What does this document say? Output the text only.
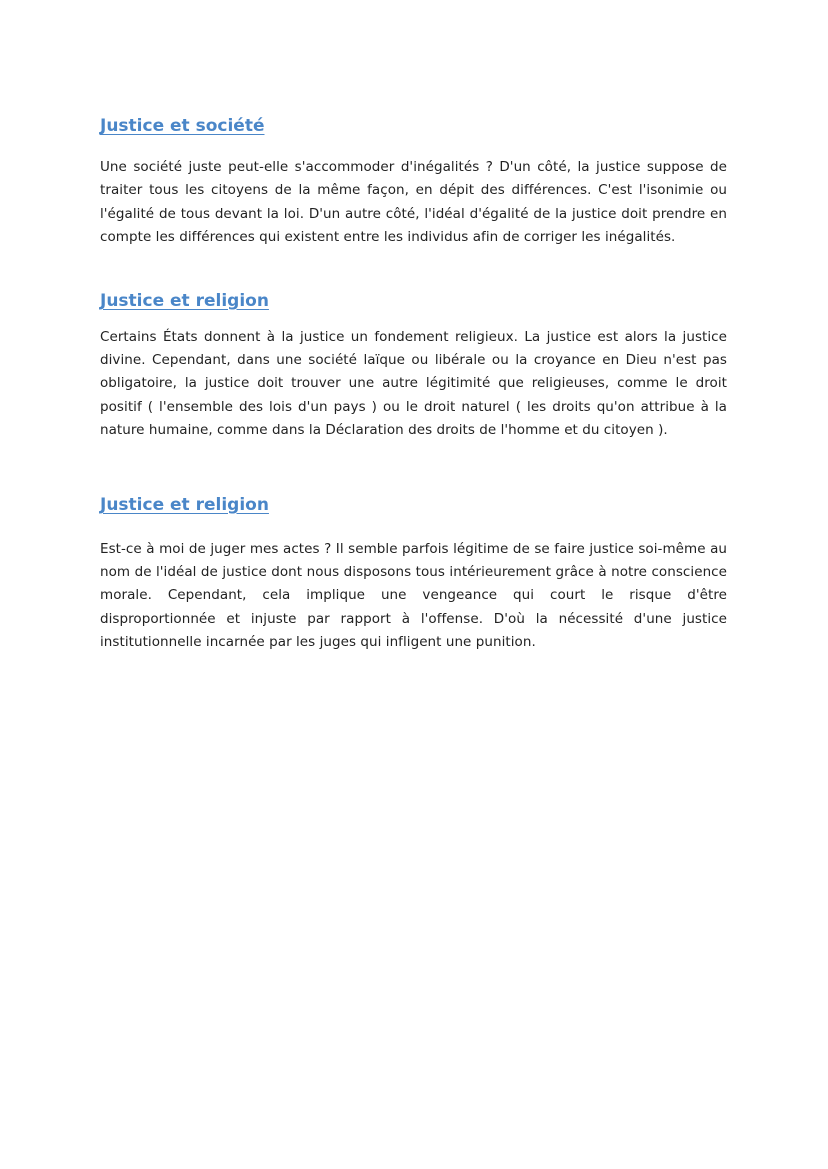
Justice et société

Une société juste peut-elle s'accommoder d'inégalités ? D'un côté, la justice suppose de traiter tous les citoyens de la même façon, en dépit des différences. C'est l'isonimie ou l'égalité de tous devant la loi. D'un autre côté, l'idéal d'égalité de la justice doit prendre en compte les différences qui existent entre les individus afin de corriger les inégalités.

Justice et religion

Certains États donnent à la justice un fondement religieux. La justice est alors la justice divine. Cependant, dans une société laïque ou libérale ou la croyance en Dieu n'est pas obligatoire, la justice doit trouver une autre légitimité que religieuses, comme le droit positif ( l'ensemble des lois d'un pays ) ou le droit naturel ( les droits qu'on attribue à la nature humaine, comme dans la Déclaration des droits de l'homme et du citoyen ).

Justice et religion

Est-ce à moi de juger mes actes ? Il semble parfois légitime de se faire justice soi-même au nom de l'idéal de justice dont nous disposons tous intérieurement grâce à notre conscience morale. Cependant, cela implique une vengeance qui court le risque d'être disproportionnée et injuste par rapport à l'offense. D'où la nécessité d'une justice institutionnelle incarnée par les juges qui infligent une punition.
